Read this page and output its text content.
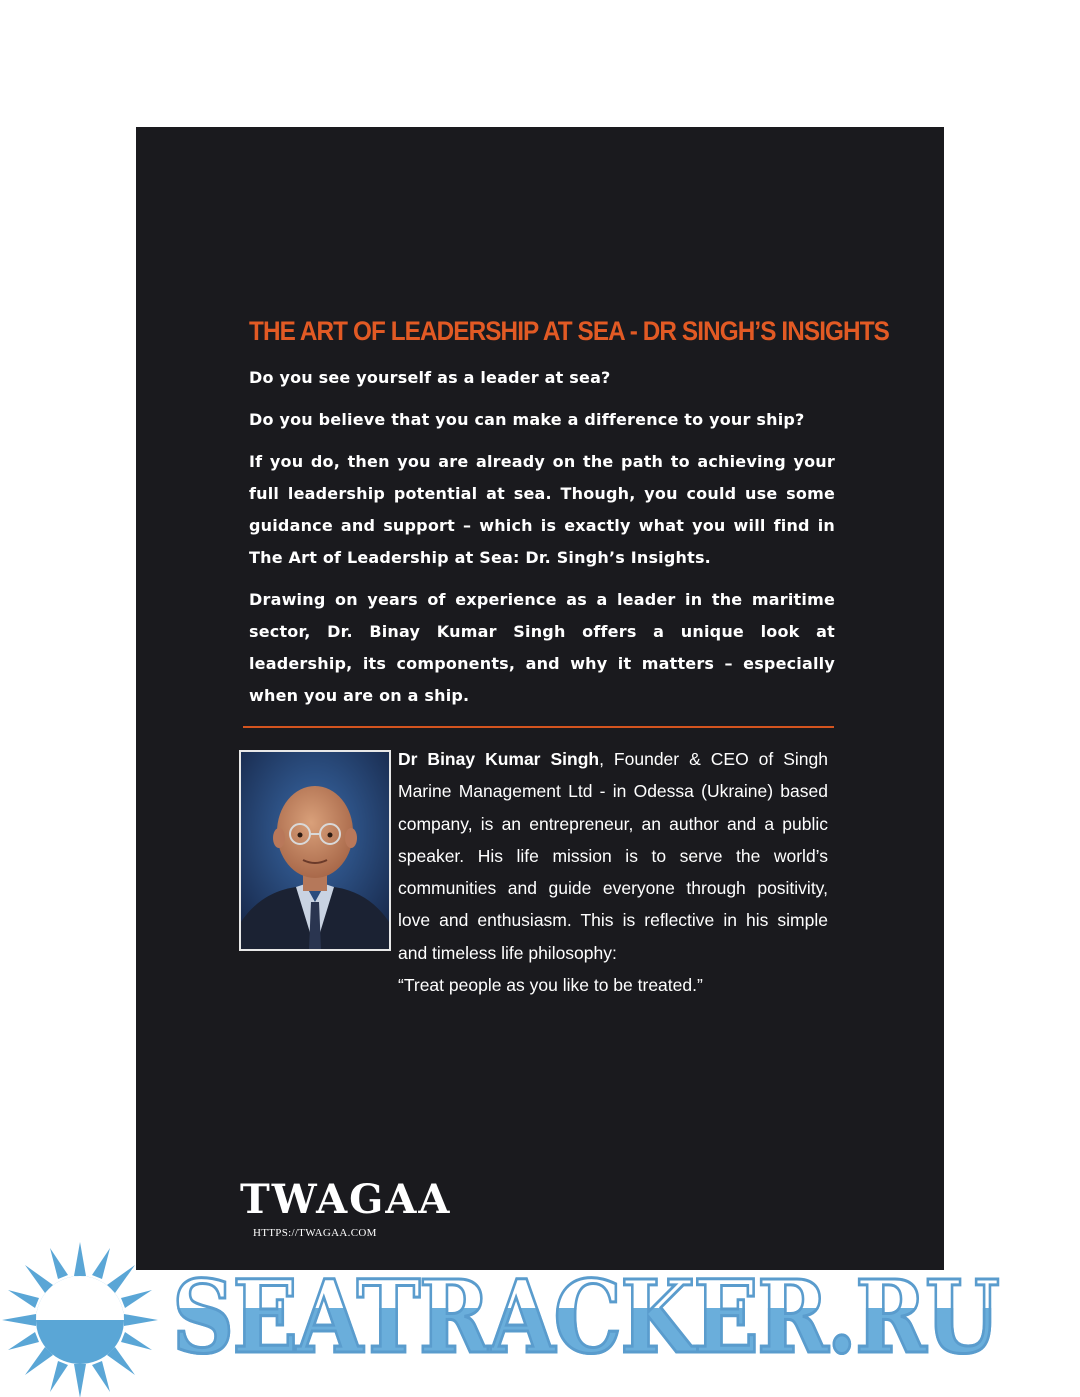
THE ART OF LEADERSHIP AT SEA - DR SINGH’S INSIGHTS

Do you see yourself as a leader at sea?

Do you believe that you can make a difference to your ship?

If you do, then you are already on the path to achieving your full leadership potential at sea. Though, you could use some guidance and support – which is exactly what you will find in The Art of Leadership at Sea: Dr. Singh’s Insights.

Drawing on years of experience as a leader in the maritime sector, Dr. Binay Kumar Singh offers a unique look at leadership, its components, and why it matters – especially when you are on a ship.

Dr Binay Kumar Singh, Founder & CEO of Singh Marine Management Ltd - in Odessa (Ukraine) based company, is an entrepreneur, an author and a public speaker. His life mission is to serve the world’s communities and guide everyone through positivity, love and enthusiasm. This is reflective in his simple and timeless life philosophy:
“Treat people as you like to be treated.”
TWAGAA
HTTPS://TWAGAA.COM
SEATRACKER.RU
